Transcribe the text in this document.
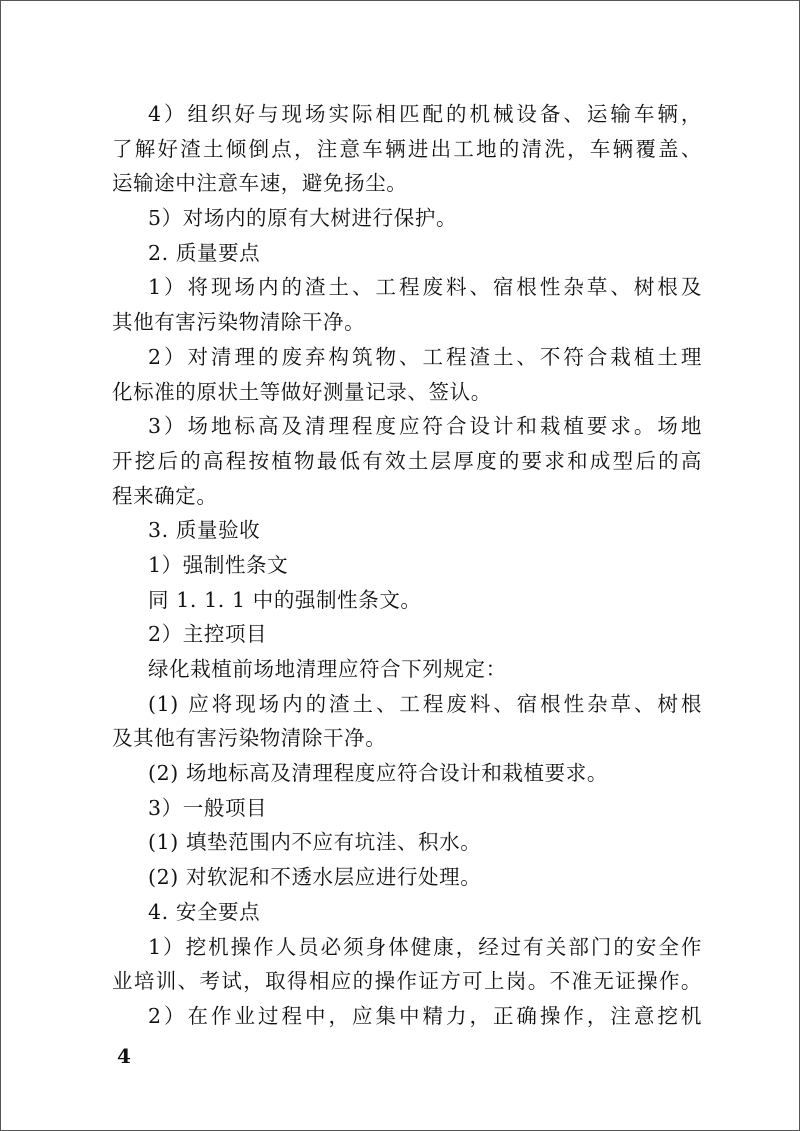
4）组织好与现场实际相匹配的机械设备、运输车辆，
了解好渣土倾倒点，注意车辆进出工地的清洗，车辆覆盖、
运输途中注意车速，避免扬尘。
5）对场内的原有大树进行保护。
2. 质量要点
1）将现场内的渣土、工程废料、宿根性杂草、树根及
其他有害污染物清除干净。
2）对清理的废弃构筑物、工程渣土、不符合栽植土理
化标准的原状土等做好测量记录、签认。
3）场地标高及清理程度应符合设计和栽植要求。场地
开挖后的高程按植物最低有效土层厚度的要求和成型后的高
程来确定。
3. 质量验收
1）强制性条文
同 1. 1. 1 中的强制性条文。
2）主控项目
绿化栽植前场地清理应符合下列规定：
(1) 应将现场内的渣土、工程废料、宿根性杂草、树根
及其他有害污染物清除干净。
(2) 场地标高及清理程度应符合设计和栽植要求。
3）一般项目
(1) 填垫范围内不应有坑洼、积水。
(2) 对软泥和不透水层应进行处理。
4. 安全要点
1）挖机操作人员必须身体健康，经过有关部门的安全作
业培训、考试，取得相应的操作证方可上岗。不准无证操作。
2）在作业过程中，应集中精力，正确操作，注意挖机
4
